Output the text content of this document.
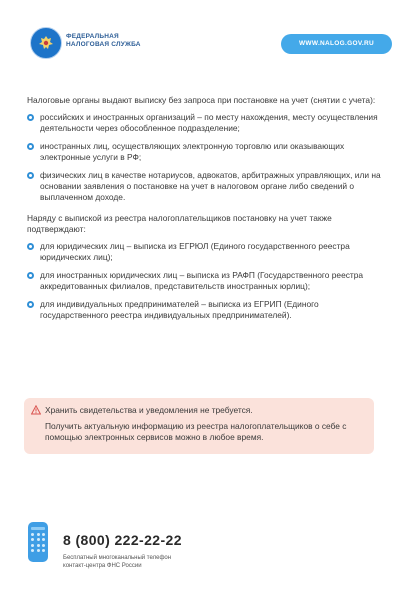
ФЕДЕРАЛЬНАЯ
НАЛОГОВАЯ СЛУЖБА	WWW.NALOG.GOV.RU

Налоговые органы выдают выписку без запроса при постановке на учет (снятии с учета):

российских и иностранных организаций – по месту нахождения, месту осуществления деятельности через обособленное подразделение;
иностранных лиц, осуществляющих электронную торговлю или оказывающих электронные услуги в РФ;
физических лиц в качестве нотариусов, адвокатов, арбитражных управляющих, или на основании заявления о постановке на учет в налоговом органе либо сведений о выплаченном доходе.

Наряду с выпиской из реестра налогоплательщиков постановку на учет также подтверждают:

для юридических лиц – выписка из ЕГРЮЛ (Единого государственного реестра юридических лиц);
для иностранных юридических лиц – выписка из РАФП (Государственного реестра аккредитованных филиалов, представительств иностранных юрлиц);
для индивидуальных предпринимателей – выписка из ЕГРИП (Единого государственного реестра индивидуальных предпринимателей).
Хранить свидетельства и уведомления не требуется.
Получить актуальную информацию из реестра налогоплательщиков о себе с помощью электронных сервисов можно в любое время.
8 (800) 222-22-22
Бесплатный многоканальный телефон
контакт-центра ФНС России
